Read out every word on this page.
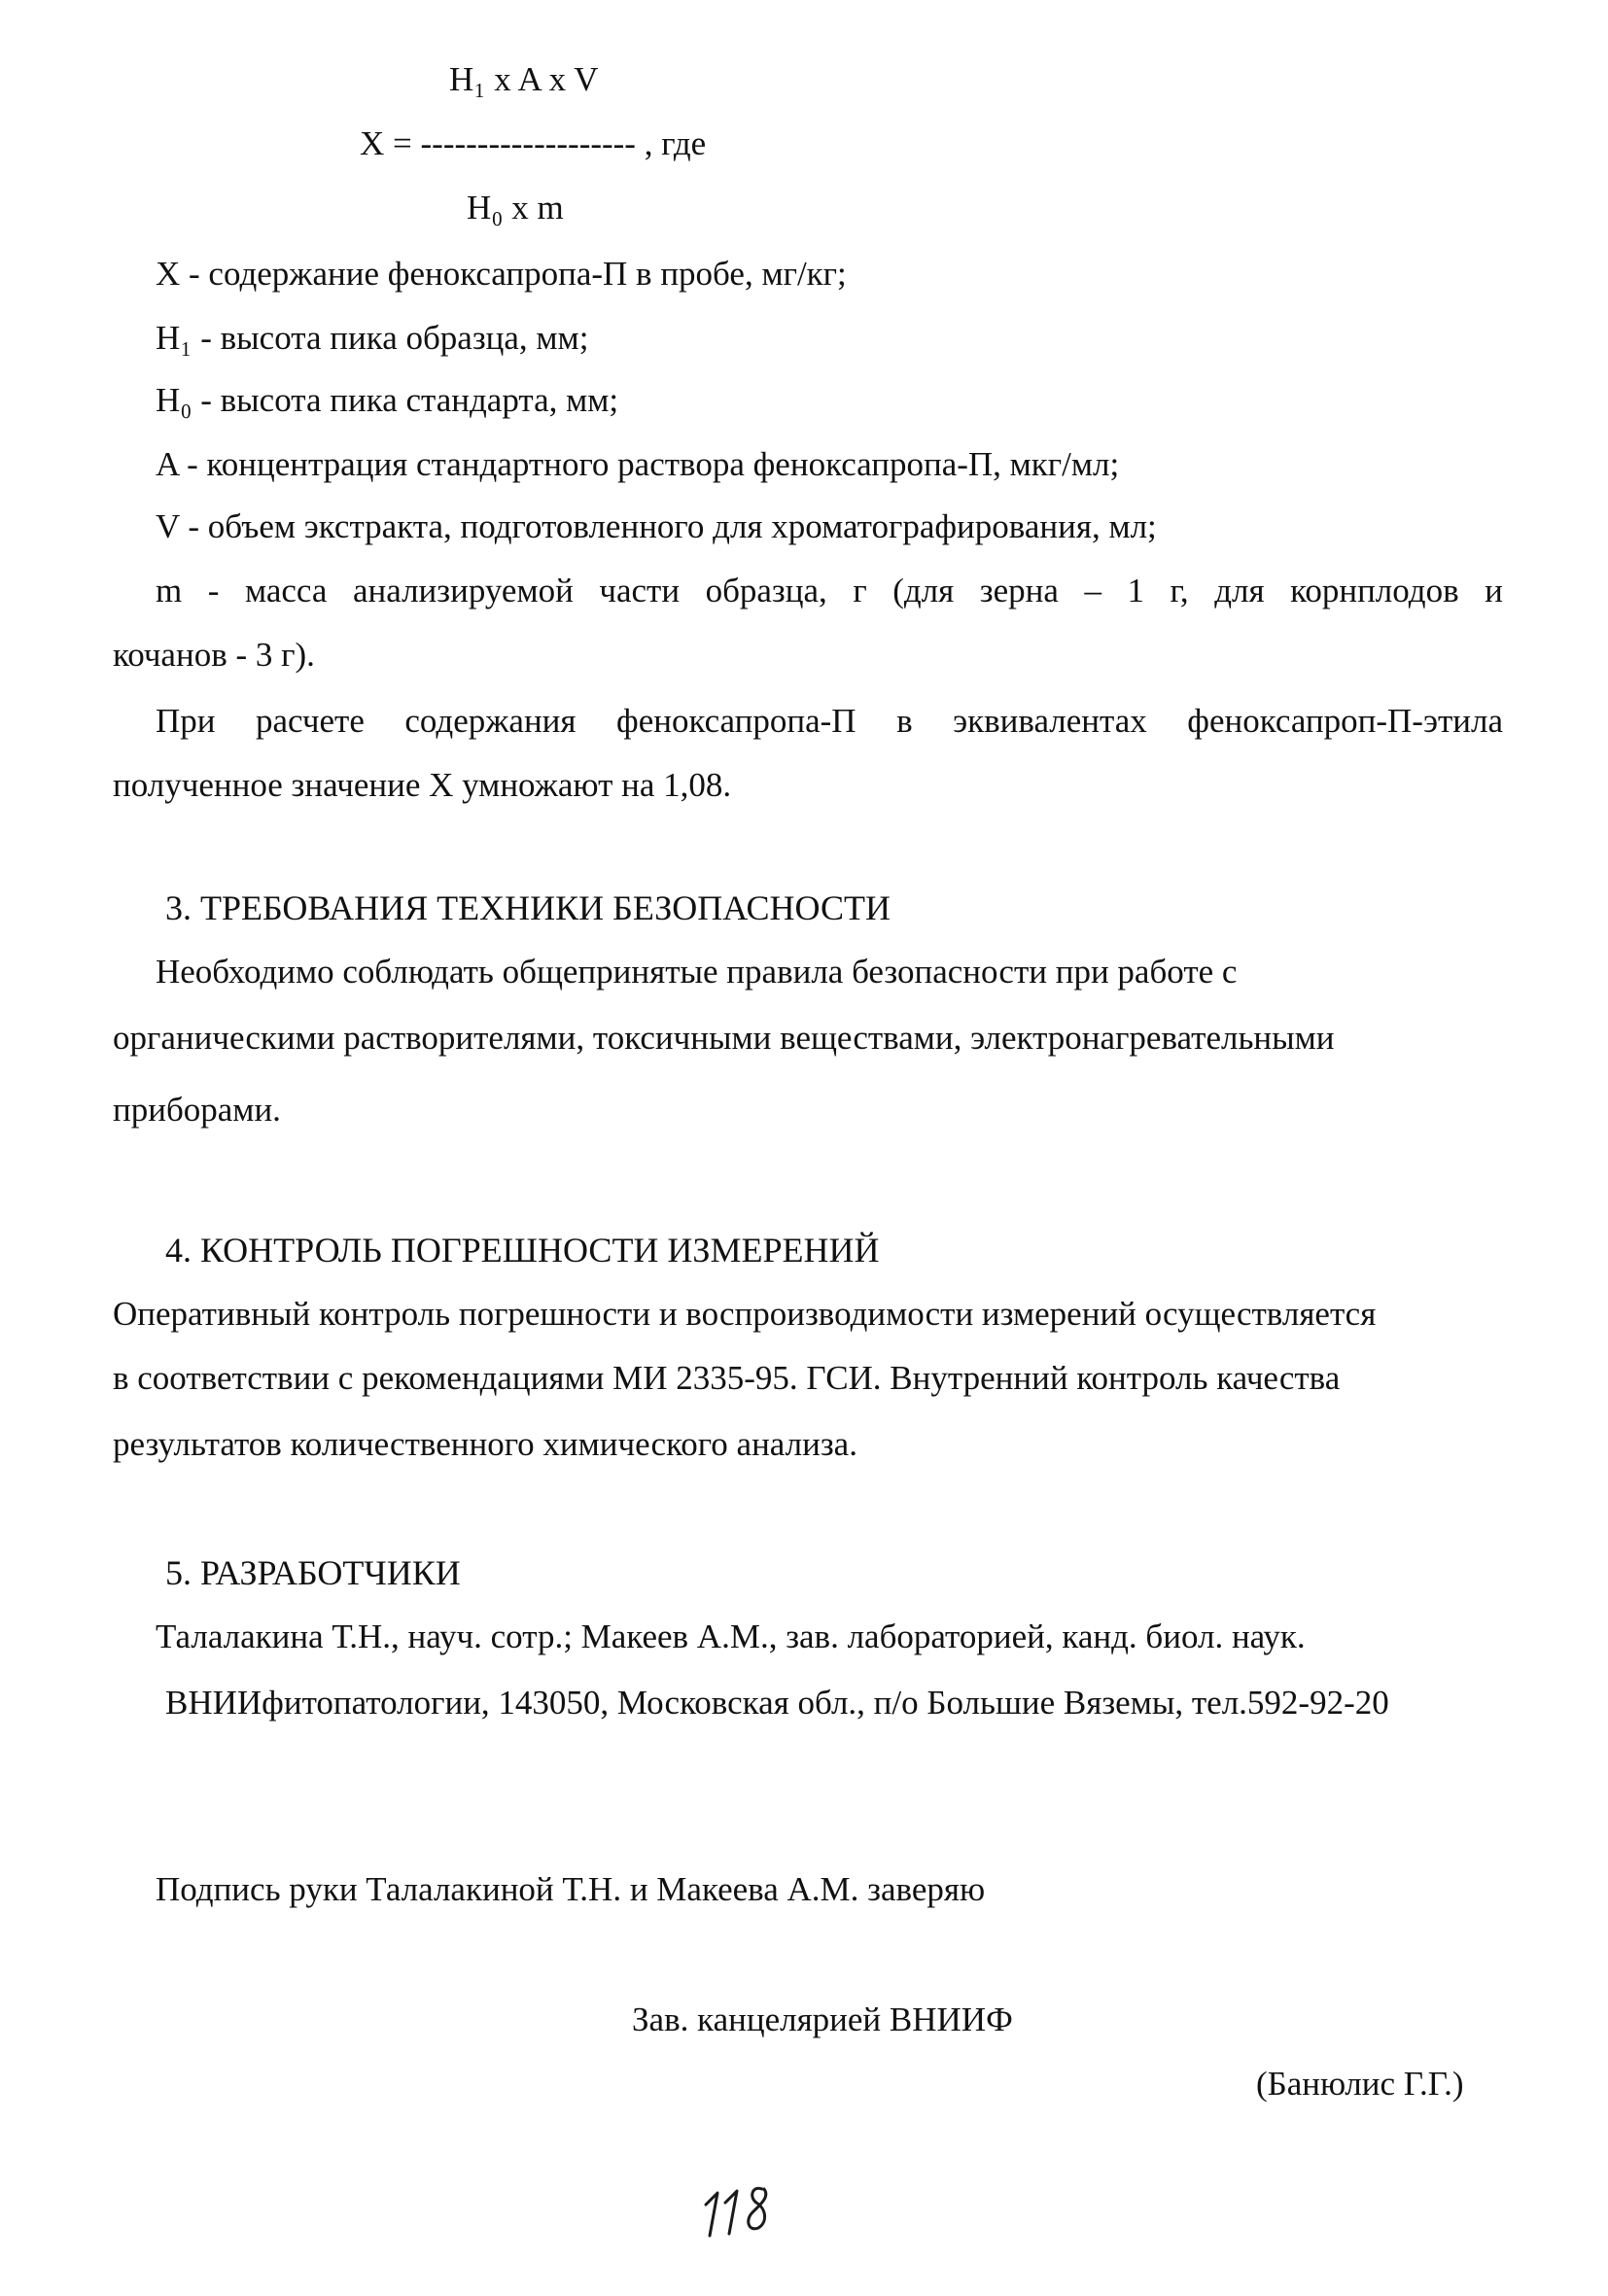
H₁ x A x V

X = ------------------- , где

H₀ x m

X - содержание феноксапропа-П в пробе, мг/кг;

H₁ - высота пика образца, мм;

H₀ - высота пика стандарта, мм;

A - концентрация стандартного раствора феноксапропа-П, мкг/мл;

V - объем экстракта, подготовленного для хроматографирования, мл;

m - масса анализируемой части образца, г (для зерна – 1 г, для корнплодов и

кочанов - 3 г).

При расчете содержания феноксапропа-П в эквивалентах феноксапроп-П-этила

полученное значение X умножают на 1,08.

3. ТРЕБОВАНИЯ ТЕХНИКИ БЕЗОПАСНОСТИ

Необходимо соблюдать общепринятые правила безопасности при работе с

органическими растворителями, токсичными веществами, электронагревательными

приборами.

4. КОНТРОЛЬ ПОГРЕШНОСТИ ИЗМЕРЕНИЙ

Оперативный контроль погрешности и воспроизводимости измерений осуществляется

в соответствии с рекомендациями МИ 2335-95. ГСИ. Внутренний контроль качества

результатов количественного химического анализа.

5. РАЗРАБОТЧИКИ

Талалакина Т.Н., науч. сотр.; Макеев А.М., зав. лабораторией, канд. биол. наук.

ВНИИфитопатологии, 143050, Московская обл., п/о Большие Вяземы, тел.592-92-20

Подпись руки Талалакиной Т.Н. и Макеева А.М. заверяю

Зав. канцелярией ВНИИФ

(Банюлис Г.Г.)
